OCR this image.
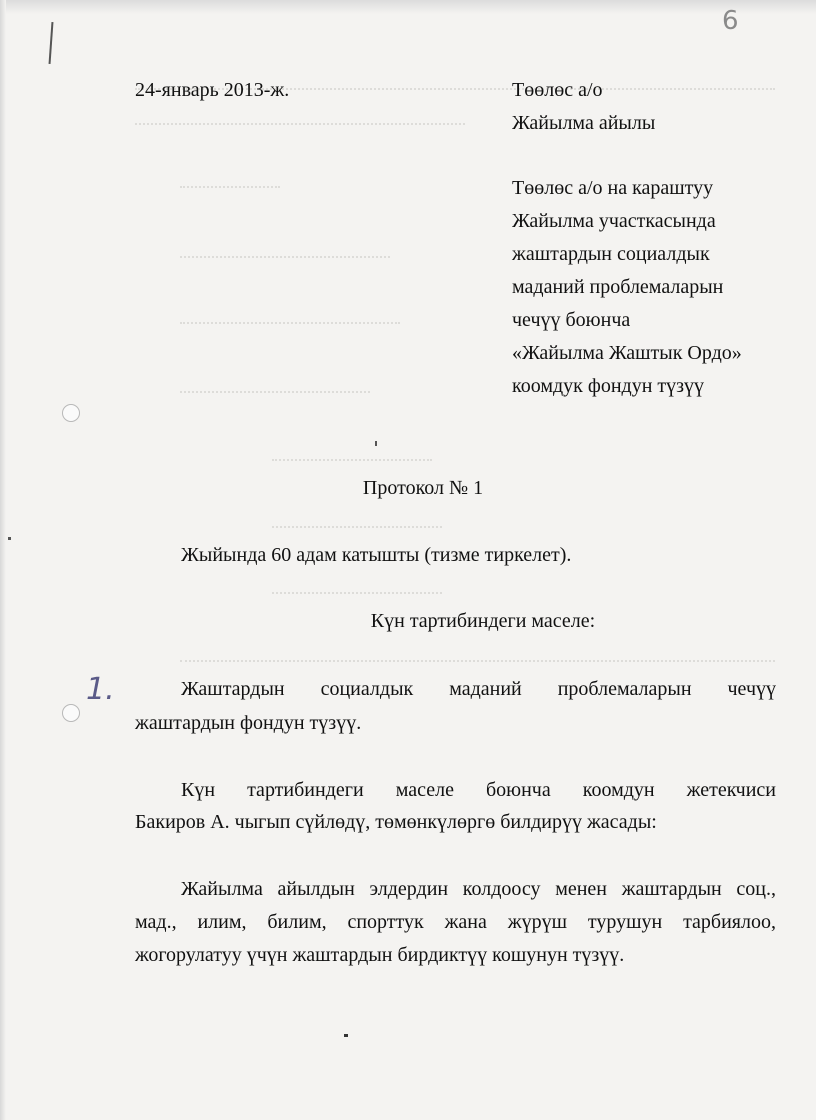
6
1.
24-январь 2013-ж.	Төөлөс а/о
Жайылма айылы
Төөлөс а/о на караштуу
Жайылма участкасында
жаштардын социалдык
маданий проблемаларын
чечүү боюнча
«Жайылма Жаштык Ордо»
коомдук фондун түзүү
Протокол № 1
Жыйында 60 адам катышты (тизме тиркелет).
Күн тартибиндеги маселе:
Жаштардын социалдык маданий проблемаларын чечүү
жаштардын фондун түзүү.
Күн тартибиндеги маселе боюнча коомдун жетекчиси
Бакиров А. чыгып сүйлөдү, төмөнкүлөргө билдирүү жасады:
Жайылма айылдын элдердин колдоосу менен жаштардын соц.,
мад., илим, билим, спорттук жана жүрүш турушун тарбиялоо,
жогорулатуу үчүн жаштардын бирдиктүү кошунун түзүү.
